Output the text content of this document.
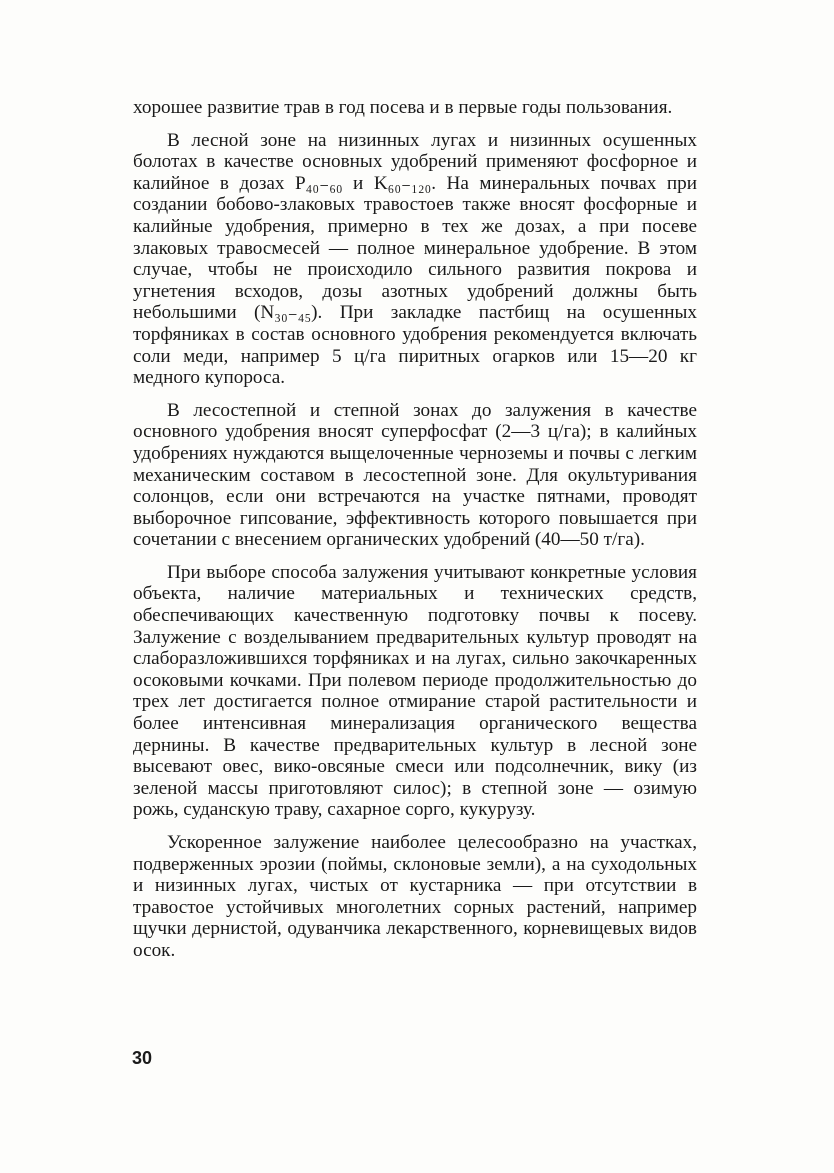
хорошее развитие трав в год посева и в первые годы пользования.

В лесной зоне на низинных лугах и низинных осушенных болотах в качестве основных удобрений применяют фосфорное и калийное в дозах P₄₀₋₆₀ и K₆₀₋₁₂₀. На минеральных почвах при создании бобово-злаковых травостоев также вносят фосфорные и калийные удобрения, примерно в тех же дозах, а при посеве злаковых травосмесей — полное минеральное удобрение. В этом случае, чтобы не происходило сильного развития покрова и угнетения всходов, дозы азотных удобрений должны быть небольшими (N₃₀₋₄₅). При закладке пастбищ на осушенных торфяниках в состав основного удобрения рекомендуется включать соли меди, например 5 ц/га пиритных огарков или 15—20 кг медного купороса.

В лесостепной и степной зонах до залужения в качестве основного удобрения вносят суперфосфат (2—3 ц/га); в калийных удобрениях нуждаются выщелоченные черноземы и почвы с легким механическим составом в лесостепной зоне. Для окультуривания солонцов, если они встречаются на участке пятнами, проводят выборочное гипсование, эффективность которого повышается при сочетании с внесением органических удобрений (40—50 т/га).

При выборе способа залужения учитывают конкретные условия объекта, наличие материальных и технических средств, обеспечивающих качественную подготовку почвы к посеву. Залужение с возделыванием предварительных культур проводят на слаборазложившихся торфяниках и на лугах, сильно закочкаренных осоковыми кочками. При полевом периоде продолжительностью до трех лет достигается полное отмирание старой растительности и более интенсивная минерализация органического вещества дернины. В качестве предварительных культур в лесной зоне высевают овес, вико-овсяные смеси или подсолнечник, вику (из зеленой массы приготовляют силос); в степной зоне — озимую рожь, суданскую траву, сахарное сорго, кукурузу.

Ускоренное залужение наиболее целесообразно на участках, подверженных эрозии (поймы, склоновые земли), а на суходольных и низинных лугах, чистых от кустарника — при отсутствии в травостое устойчивых многолетних сорных растений, например щучки дернистой, одуванчика лекарственного, корневищевых видов осок.

30
